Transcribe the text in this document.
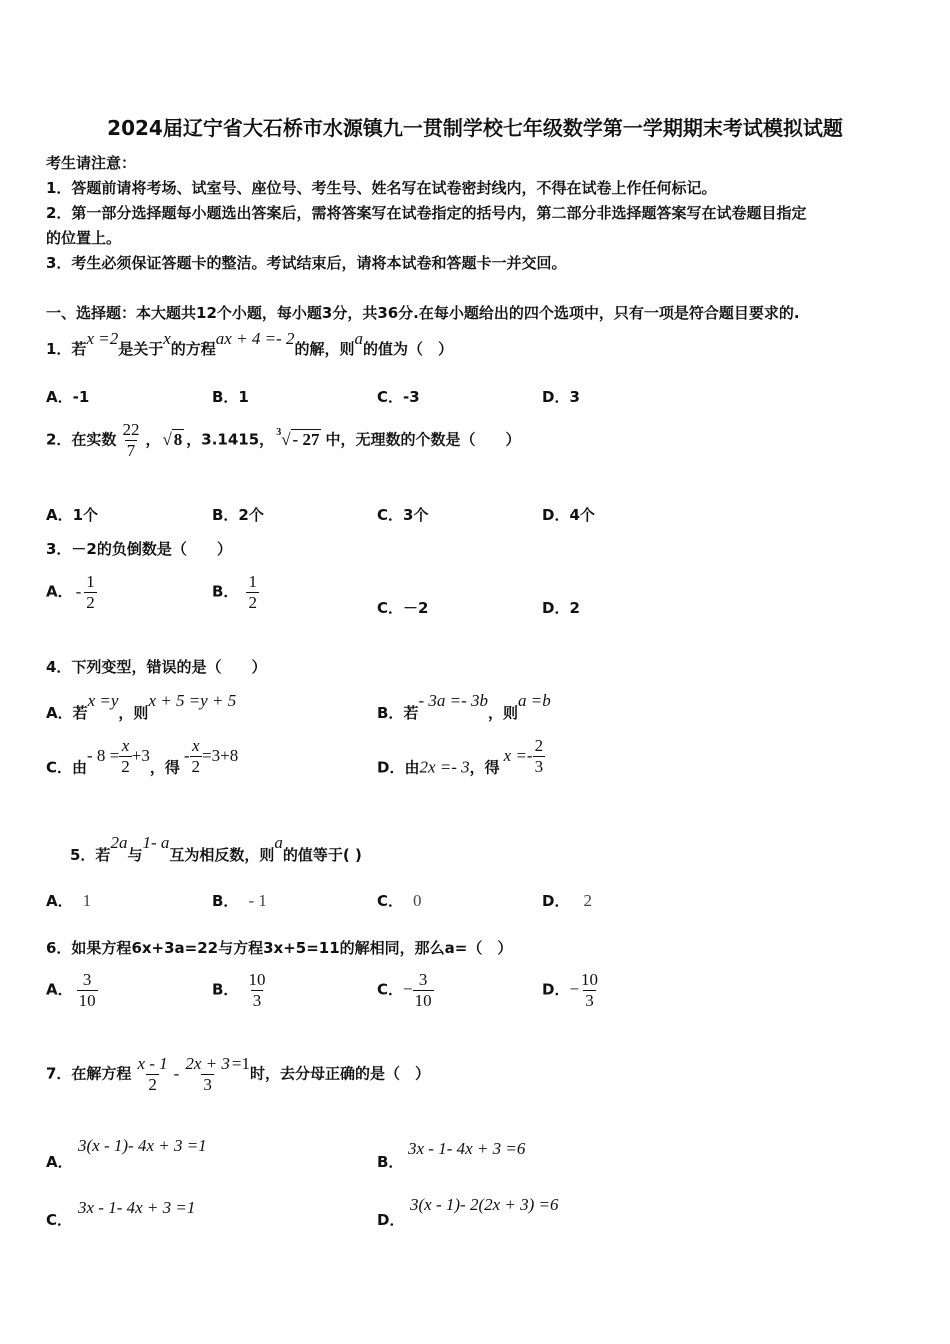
2024届辽宁省大石桥市水源镇九一贯制学校七年级数学第一学期期末考试模拟试题
考生请注意：
1．答题前请将考场、试室号、座位号、考生号、姓名写在试卷密封线内，不得在试卷上作任何标记。
2．第一部分选择题每小题选出答案后，需将答案写在试卷指定的括号内，第二部分非选择题答案写在试卷题目指定
的位置上。
3．考生必须保证答题卡的整洁。考试结束后，请将本试卷和答题卡一并交回。
一、选择题：本大题共12个小题，每小题3分，共36分.在每小题给出的四个选项中，只有一项是符合题目要求的.
1．若x =2是关于x的方程ax + 4 =- 2的解，则a的值为（　）
A．-1	B．1	C．-3	D．3
2．在实数 $\frac{22}{7}$ ， √ 8 ，3.1415， $^3$√ - 27 中，无理数的个数是（　　）
A．1个	B．2个	C．3个	D．4个
3．－2的负倒数是（　　）
A． - $\frac{1}{2}$	B． $\frac{1}{2}$	C．－2	D．2
4．下列变型，错误的是（　　）
A．若x =y，则x + 5 =y + 5
B．若- 3a =- 3b，则a =b
C．由- $8 = \frac{x}{2} +3$，得- $\frac{x}{2} =3+8$
D．由2x =- 3，得$x =- \frac{2}{3}$
5．若2a与1- a互为相反数，则a的值等于( )
A． 1	B． - 1	C． 0	D． 2
6．如果方程6x+3a=22与方程3x+5=11的解相同，那么a=（　）
A． $\frac{3}{10}$	B． $\frac{10}{3}$	C．− $\frac{3}{10}$	D．− $\frac{10}{3}$
7．在解方程 $\frac{x - 1}{2} - \frac{2x + 3}{3} =1$时，去分母正确的是（　）
A．
3(x - 1)- 4x + 3 =1
B．
3x - 1- 4x + 3 =6
C．
3x - 1- 4x + 3 =1
D．
3(x - 1)- 2(2x + 3) =6
